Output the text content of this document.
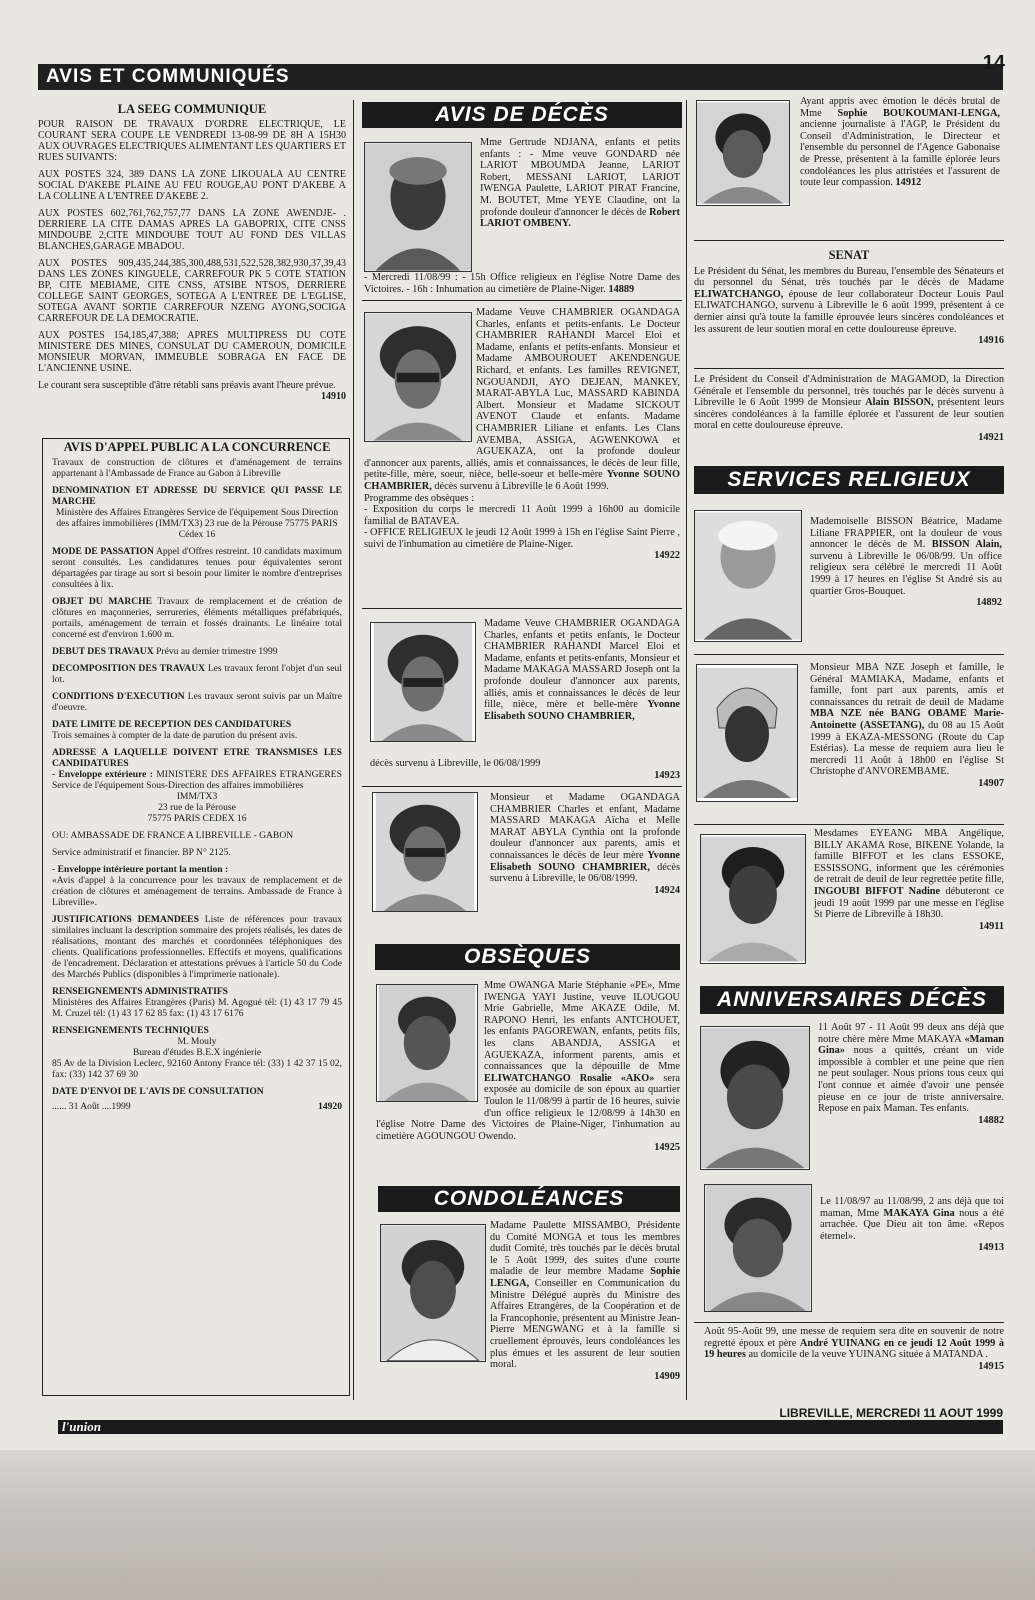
AVIS ET COMMUNIQUÉS
14
LA SEEG COMMUNIQUE
POUR RAISON DE TRAVAUX D'ORDRE ELECTRIQUE, LE COURANT SERA COUPE LE VENDREDI 13-08-99 DE 8H A 15H30 AUX OUVRAGES ELECTRIQUES ALIMENTANT LES QUARTIERS ET RUES SUIVANTS:
AUX POSTES 324, 389 DANS LA ZONE LIKOUALA AU CENTRE SOCIAL D'AKEBE PLAINE AU FEU ROUGE,AU PONT D'AKEBE A LA COLLINE A L'ENTREE D'AKEBE 2.
AUX POSTES 602,761,762,757,77 DANS LA ZONE AWENDJE- . DERRIERE LA CITE DAMAS APRES LA GABOPRIX, CITE CNSS MINDOUBE 2,CITE MINDOUBE TOUT AU FOND DES VILLAS BLANCHES,GARAGE MBADOU.
AUX POSTES 909,435,244,385,300,488,531,522,528,382,930,37,39,43 DANS LES ZONES KINGUELE, CARREFOUR PK 5 COTE STATION BP, CITE MEBIAME, CITE CNSS, ATSIBE NTSOS, DERRIERE COLLEGE SAINT GEORGES, SOTEGA A L'ENTREE DE L'EGLISE, SOTEGA AVANT SORTIE CARREFOUR NZENG AYONG,SOCIGA CARREFOUR DE LA DEMOCRATIE.
AUX POSTES 154,185,47,388; APRES MULTIPRESS DU COTE MINISTERE DES MINES, CONSULAT DU CAMEROUN, DOMICILE MONSIEUR MORVAN, IMMEUBLE SOBRAGA EN FACE DE L'ANCIENNE USINE.
Le courant sera susceptible d'âtre rétabli sans préavis avant l'heure prévue.
14910
AVIS D'APPEL PUBLIC A LA CONCURRENCE
Travaux de construction de clôtures et d'aménagement de terrains appartenant à l'Ambassade de France au Gabon à Libreville
DENOMINATION ET ADRESSE DU SERVICE QUI PASSE LE MARCHE
Ministère des Affaires Etrangères Service de l'équipement Sous Direction des affaires immobilières (IMM/TX3) 23 rue de la Pérouse 75775 PARIS Cédex 16
MODE DE PASSATION Appel d'Offres restreint. 10 candidats maximum seront consultés. Les candidatures tenues pour équivalentes seront départagées par tirage au sort si besoin pour limiter le nombre d'entreprises consultées à lix.
OBJET DU MARCHE Travaux de remplacement et de création de clôtures en maçonneries, serrureries, éléments métalliques préfabriqués, portails, aménagement de terrain et fossés drainants. Le linéaire total concerné est d'environ 1.600 m.
DEBUT DES TRAVAUX Prévu au dernier trimestre 1999
DECOMPOSITION DES TRAVAUX Les travaux feront l'objet d'un seul lot.
CONDITIONS D'EXECUTION Les travaux seront suivis par un Maître d'oeuvre.
DATE LIMITE DE RECEPTION DES CANDIDATURES
Trois semaines à compter de la date de parution du présent avis.
ADRESSE A LAQUELLE DOIVENT ETRE TRANSMISES LES CANDIDATURES
- Enveloppe extérieure : MINISTERE DES AFFAIRES ETRANGERES Service de l'équipement Sous-Direction des affaires immobilières
IMM/TX3
23 rue de la Pérouse
75775 PARIS CEDEX 16
OU: AMBASSADE DE FRANCE A LIBREVILLE - GABON
Service administratif et financier. BP N° 2125.
- Enveloppe intérieure portant la mention :
«Avis d'appel à la concurrence pour les travaux de remplacement et de création de clôtures et aménagement de terrains. Ambassade de France à Libreville».
JUSTIFICATIONS DEMANDEES Liste de références pour travaux similaires incluant la description sommaire des projets réalisés, les dates de réalisations, montant des marchés et coordonnées téléphoniques des clients. Qualifications professionnelles. Effectifs et moyens, qualifications de l'encadrement. Déclaration et attestations prévues à l'article 50 du Code des Marchés Publics (disponibles à l'imprimerie nationale).
RENSEIGNEMENTS ADMINISTRATIFS
Ministères des Affaires Etrangères (Paris) M. Agogué tél: (1) 43 17 79 45 M. Cruzel tél: (1) 43 17 62 85 fax: (1) 43 17 6176
RENSEIGNEMENTS TECHNIQUES
M. Mouly
Bureau d'études B.E.X ingénierie
85 Av de la Division Leclerc, 92160 Antony France tél: (33) 1 42 37 15 02, fax: (33) 142 37 69 30
DATE D'ENVOI DE L'AVIS DE CONSULTATION
...... 31 Août ....1999	14920
AVIS DE DÉCÈS
Mme Gertrude NDJANA, enfants et petits enfants : - Mme veuve GONDARD née LARIOT MBOUMDA Jeanne, LARIOT Robert, MESSANI LARIOT, LARIOT IWENGA Paulette, LARIOT PIRAT Francine, M. BOUTET, Mme YEYE Claudine, ont la profonde douleur d'annoncer le décès de Robert LARIOT OMBENY.
- Mercredi 11/08/99 : - 15h Office religieux en l'église Notre Dame des Victoires. - 16h : Inhumation au cimetière de Plaine-Niger. 14889
Madame Veuve CHAMBRIER OGANDAGA Charles, enfants et petits-enfants. Le Docteur CHAMBRIER RAHANDI Marcel Eloi et Madame, enfants et petits-enfants. Monsieur et Madame AMBOUROUET AKENDENGUE Richard, et enfants. Les familles REVIGNET, NGOUANDJI, AYO DEJEAN, MANKEY, MARAT-ABYLA Luc, MASSARD KABINDA Albert. Monsieur et Madame SICKOUT AVENOT Claude et enfants. Madame CHAMBRIER Liliane et enfants. Les Clans AVEMBA, ASSIGA, AGWENKOWA et AGUEKAZA, ont la profonde douleur d'annoncer aux parents, alliés, amis et connaissances, le décès de leur fille, petite-fille, mère, soeur, nièce, belle-soeur et belle-mère Yvonne SOUNO CHAMBRIER, décès survenu à Libreville le 6 Août 1999.
Programme des obsèques :
- Exposition du corps le mercredi 11 Août 1999 à 16h00 au domicile familial de BATAVEA.
- OFFICE RELIGIEUX le jeudi 12 Août 1999 à 15h en l'église Saint Pierre , suivi de l'inhumation au cimetière de Plaine-Niger.
14922
Madame Veuve CHAMBRIER OGANDAGA Charles, enfants et petits enfants, le Docteur CHAMBRIER RAHANDI Marcel Eloi et Madame, enfants et petits-enfants, Monsieur et Madame MAKAGA MASSARD Joseph ont la profonde douleur d'annoncer aux parents, alliés, amis et connaissances le décès de leur fille, nièce, mère et belle-mère Yvonne Elisabeth SOUNO CHAMBRIER,
décès survenu à Libreville, le 06/08/1999
14923
Monsieur et Madame OGANDAGA CHAMBRIER Charles et enfant, Madame MASSARD MAKAGA Aïcha et Melle MARAT ABYLA Cynthia ont la profonde douleur d'annoncer aux parents, amis et connaissances le décès de leur mère Yvonne Elisabeth SOUNO CHAMBRIER, décès survenu à Libreville, le 06/08/1999.
14924
OBSÈQUES
Mme OWANGA Marie Stéphanie «PE», Mme IWENGA YAYI Justine, veuve ILOUGOU Mrie Gabrielle, Mme AKAZE Odile, M. RAPONO Henri, les enfants ANTCHOUET, les enfants PAGOREWAN, enfants, petits fils, les clans ABANDJA, ASSIGA et AGUEKAZA, informent parents, amis et connaissances que la dépouille de Mme ELIWATCHANGO Rosalie «AKO» sera exposée au domicile de son époux au quartier Toulon le 11/08/99 à partir de 16 heures, suivie d'un office religieux le 12/08/99 à 14h30 en l'église Notre Dame des Victoires de Plaine-Niger, l'inhumation au cimetière AGOUNGOU Owendo.
14925
CONDOLÉANCES
Madame Paulette MISSAMBO, Présidente du Comité MONGA et tous les membres dudit Comité, très touchés par le décès brutal le 5 Août 1999, des suites d'une courte maladie de leur membre Madame Sophie LENGA, Conseiller en Communication du Ministre Délégué auprès du Ministre des Affaires Etrangères, de la Coopération et de la Francophonie, présentent au Ministre Jean-Pierre MENGWANG et à la famille si cruellement éprouvés, leurs condoléances les plus émues et les assurent de leur soutien moral.
14909
Ayant appris avec émotion le décès brutal de Mme Sophie BOUKOUMANI-LENGA, ancienne journaliste à l'AGP, le Président du Conseil d'Administration, le Directeur et l'ensemble du personnel de l'Agence Gabonaise de Presse, présentent à la famille éplorée leurs condoléances les plus attristées et l'assurent de toute leur compassion. 14912
SENAT
Le Président du Sénat, les membres du Bureau, l'ensemble des Sénateurs et du personnel du Sénat, très touchés par le décès de Madame ELIWATCHANGO, épouse de leur collaborateur Docteur Louis Paul ELIWATCHANGO, survenu à Libreville le 6 août 1999, présentent à ce dernier ainsi qu'à toute la famille éprouvée leurs sincères condoléances et les assurent de leur soutien moral en cette douloureuse épreuve.
14916
Le Président du Conseil d'Administration de MAGAMOD, la Direction Générale et l'ensemble du personnel, très touchés par le décès survenu à Libreville le 6 Août 1999 de Monsieur Alain BISSON, présentent leurs sincères condoléances à la famille éplorée et l'assurent de leur soutien moral en cette douloureuse épreuve.
14921
SERVICES RELIGIEUX
Mademoiselle BISSON Béatrice, Madame Liliane FRAPPIER, ont la douleur de vous annoncer le décès de M. BISSON Alain, survenu à Libreville le 06/08/99. Un office religieux sera célébré le mercredi 11 Août 1999 à 17 heures en l'église St André sis au quartier Gros-Bouquet.
14892
Monsieur MBA NZE Joseph et famille, le Général MAMIAKA, Madame, enfants et famille, font part aux parents, amis et connaissances du retrait de deuil de Madame MBA NZE née BANG OBAME Marie-Antoinette (ASSETANG), du 08 au 15 Août 1999 à EKAZA-MESSONG (Route du Cap Estérias). La messe de requiem aura lieu le mercredi 11 Août à 18h00 en l'église St Christophe d'ANVOREMBAME.
14907
Mesdames EYEANG MBA Angélique, BILLY AKAMA Rose, BIKENE Yolande, la famille BIFFOT et les clans ESSOKE, ESSISSONG, informent que les cérémonies de retrait de deuil de leur regrettée petite fille, INGOUBI BIFFOT Nadine débuteront ce jeudi 19 août 1999 par une messe en l'église St Pierre de Libreville à 18h30.
14911
ANNIVERSAIRES DÉCÈS
11 Août 97 - 11 Août 99 deux ans déjà que notre chère mère Mme MAKAYA «Maman Gina» nous a quittés, créant un vide impossible à combler et une peine que rien ne peut soulager. Nous prions tous ceux qui l'ont connue et aimée d'avoir une pensée pieuse en ce jour de triste anniversaire. Repose en paix Maman. Tes enfants.
14882
Le 11/08/97 au 11/08/99, 2 ans déjà que toi maman, Mme MAKAYA Gina nous a été arrachée. Que Dieu ait ton âme. «Repos éternel».
14913
Août 95-Août 99, une messe de requiem sera dite en souvenir de notre regretté époux et père André YUINANG en ce jeudi 12 Août 1999 à 19 heures au domicile de la veuve YUINANG située à MATANDA .
14915
LIBREVILLE, MERCREDI 11 AOUT 1999
l'union
